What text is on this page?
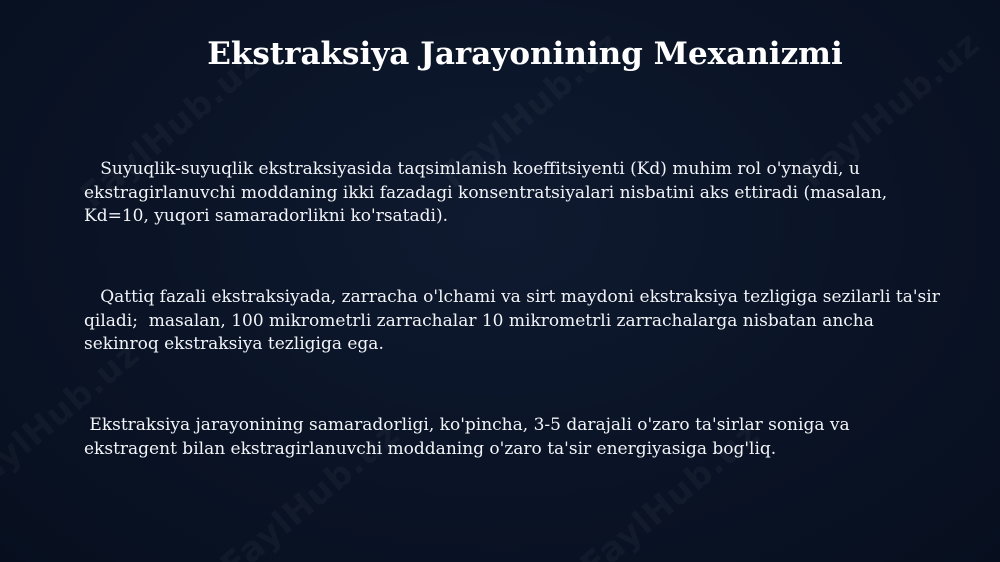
Ekstraksiya Jarayonining Mexanizmi

Suyuqlik-suyuqlik ekstraksiyasida taqsimlanish koeffitsiyenti (Kd) muhim rol o'ynaydi, u ekstragirlanuvchi moddaning ikki fazadagi konsentratsiyalari nisbatini aks ettiradi (masalan, Kd=10, yuqori samaradorlikni ko'rsatadi).

Qattiq fazali ekstraksiyada, zarracha o'lchami va sirt maydoni ekstraksiya tezligiga sezilarli ta'sir qiladi;  masalan, 100 mikrometrli zarrachalar 10 mikrometrli zarrachalarga nisbatan ancha sekinroq ekstraksiya tezligiga ega.

Ekstraksiya jarayonining samaradorligi, ko'pincha, 3-5 darajali o'zaro ta'sirlar soniga va ekstragent bilan ekstragirlanuvchi moddaning o'zaro ta'sir energiyasiga bog'liq.
